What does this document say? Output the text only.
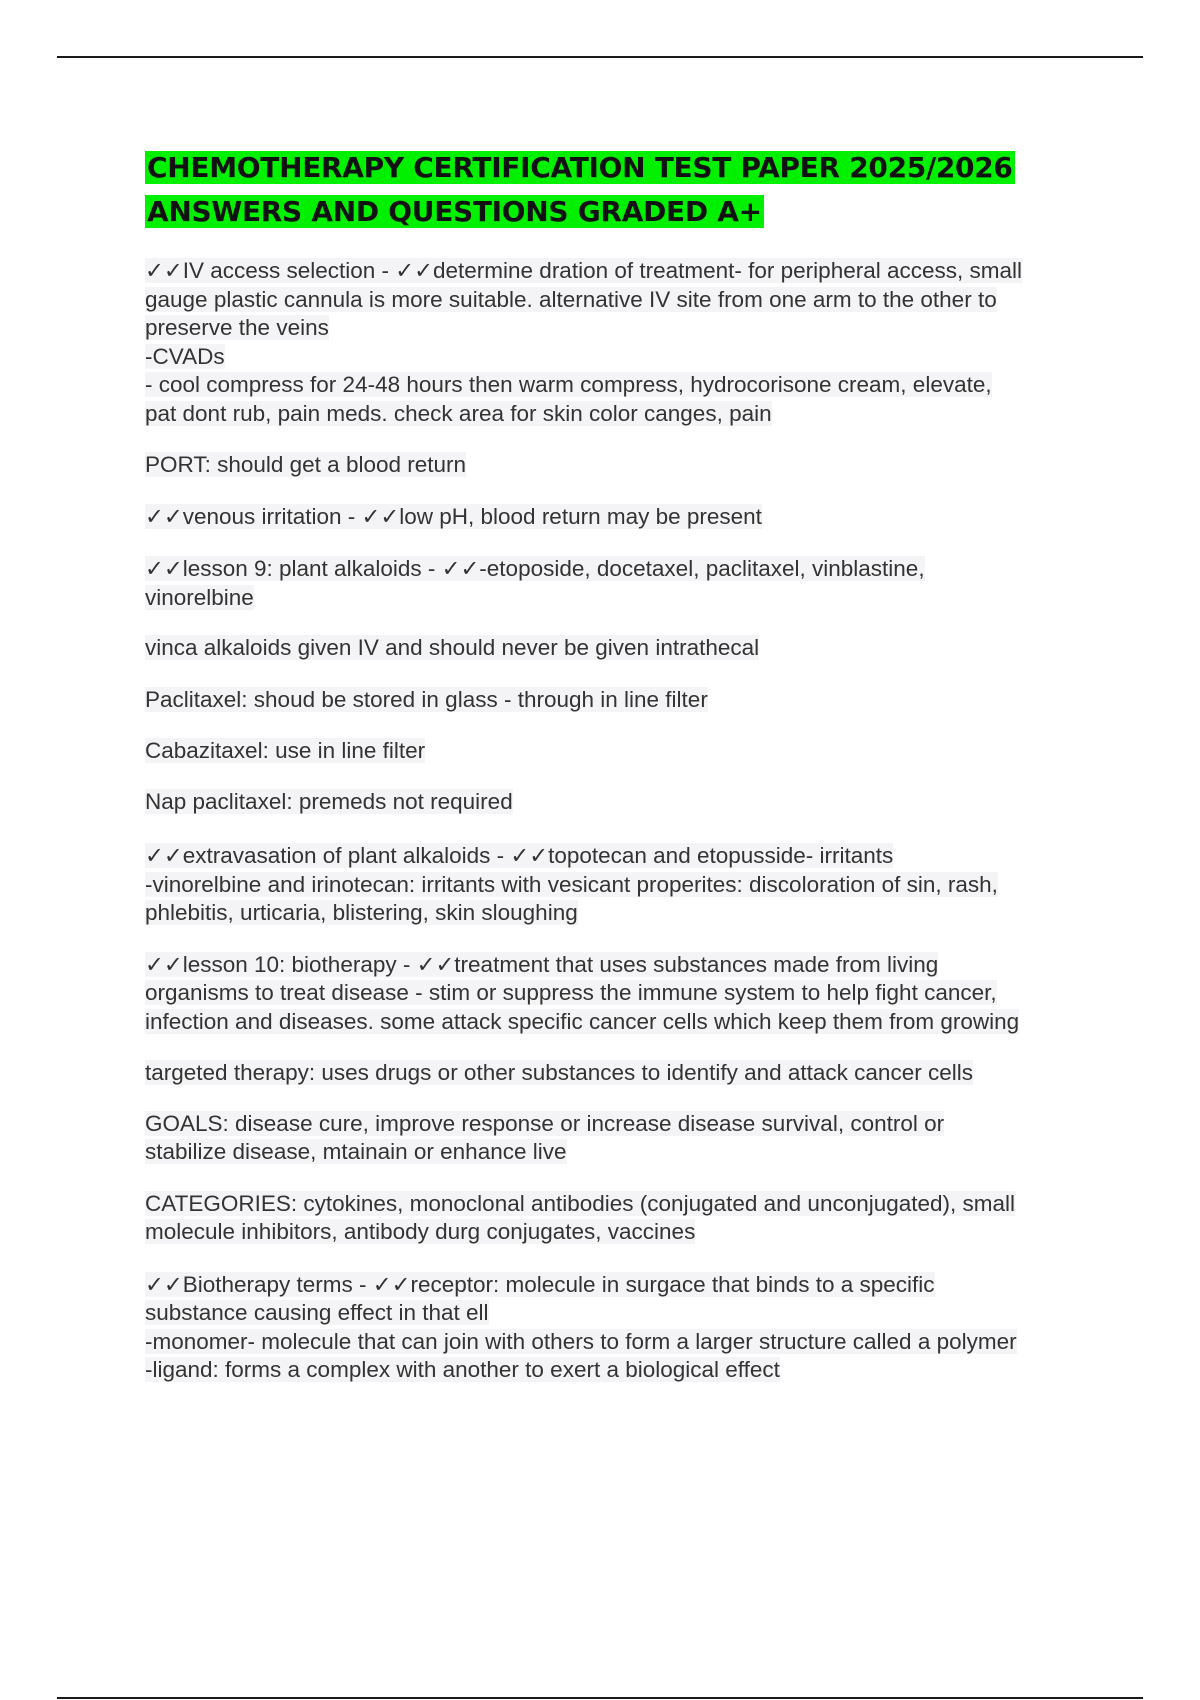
CHEMOTHERAPY CERTIFICATION TEST PAPER 2025/2026
ANSWERS AND QUESTIONS GRADED A+

✓✓IV access selection - ✓✓determine dration of treatment- for peripheral access, small
gauge plastic cannula is more suitable. alternative IV site from one arm to the other to
preserve the veins
-CVADs
- cool compress for 24-48 hours then warm compress, hydrocorisone cream, elevate,
pat dont rub, pain meds. check area for skin color canges, pain

PORT: should get a blood return

✓✓venous irritation - ✓✓low pH, blood return may be present

✓✓lesson 9: plant alkaloids - ✓✓-etoposide, docetaxel, paclitaxel, vinblastine,
vinorelbine

vinca alkaloids given IV and should never be given intrathecal

Paclitaxel: shoud be stored in glass - through in line filter

Cabazitaxel: use in line filter

Nap paclitaxel: premeds not required

✓✓extravasation of plant alkaloids - ✓✓topotecan and etopusside- irritants
-vinorelbine and irinotecan: irritants with vesicant properites: discoloration of sin, rash,
phlebitis, urticaria, blistering, skin sloughing

✓✓lesson 10: biotherapy - ✓✓treatment that uses substances made from living
organisms to treat disease - stim or suppress the immune system to help fight cancer,
infection and diseases. some attack specific cancer cells which keep them from growing

targeted therapy: uses drugs or other substances to identify and attack cancer cells

GOALS: disease cure, improve response or increase disease survival, control or
stabilize disease, mtainain or enhance live

CATEGORIES: cytokines, monoclonal antibodies (conjugated and unconjugated), small
molecule inhibitors, antibody durg conjugates, vaccines

✓✓Biotherapy terms - ✓✓receptor: molecule in surgace that binds to a specific
substance causing effect in that ell
-monomer- molecule that can join with others to form a larger structure called a polymer
-ligand: forms a complex with another to exert a biological effect
